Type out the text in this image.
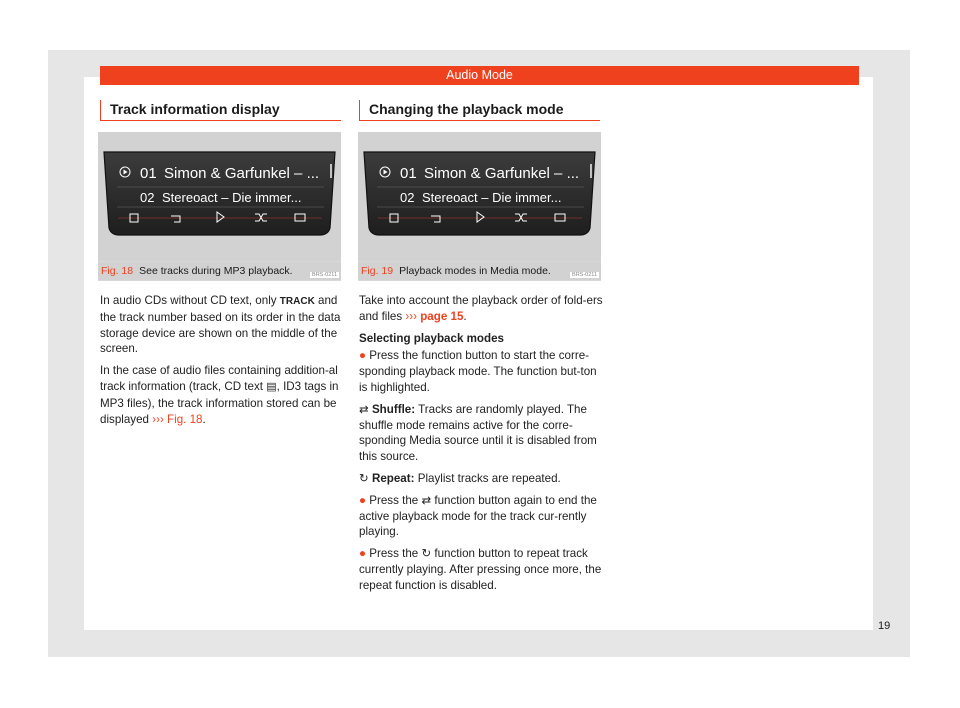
Audio Mode
Track information display
01 Simon & Garfunkel – ...
02 Stereoact – Die immer...
BRS-0211
Fig. 18 See tracks during MP3 playback.

In audio CDs without CD text, only TRACK and the track number based on its order in the data storage device are shown on the middle of the screen.

In the case of audio files containing addition-al track information (track, CD text ▤, ID3 tags in MP3 files), the track information stored can be displayed ››› Fig. 18.

Changing the playback mode
01 Simon & Garfunkel – ...
02 Stereoact – Die immer...
BRS-0211
Fig. 19 Playback modes in Media mode.

Take into account the playback order of fold-ers and files ››› page 15.

Selecting playback modes

● Press the function button to start the corre-sponding playback mode. The function but-ton is highlighted.

⇄ Shuffle: Tracks are randomly played. The shuffle mode remains active for the corre-sponding Media source until it is disabled from this source.

↻ Repeat: Playlist tracks are repeated.

● Press the ⇄ function button again to end the active playback mode for the track cur-rently playing.

● Press the ↻ function button to repeat track currently playing. After pressing once more, the repeat function is disabled.

19
